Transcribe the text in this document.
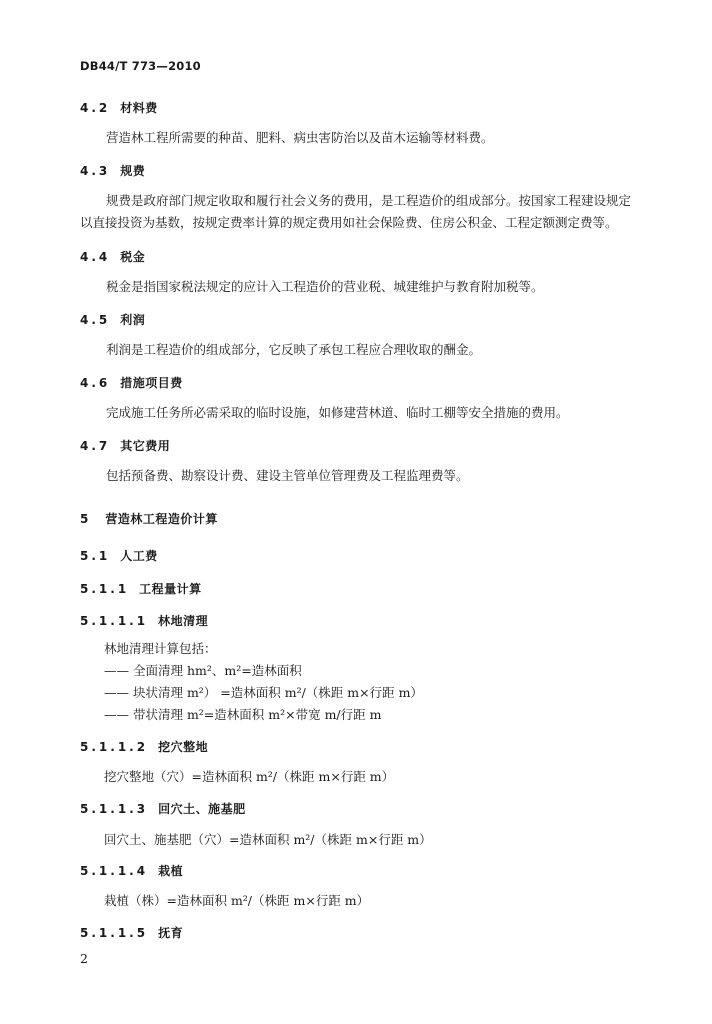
DB44/T 773—2010
4.2 材料费
营造林工程所需要的种苗、肥料、病虫害防治以及苗木运输等材料费。
4.3 规费
规费是政府部门规定收取和履行社会义务的费用，是工程造价的组成部分。按国家工程建设规定
以直接投资为基数，按规定费率计算的规定费用如社会保险费、住房公积金、工程定额测定费等。
4.4 税金
税金是指国家税法规定的应计入工程造价的营业税、城建维护与教育附加税等。
4.5 利润
利润是工程造价的组成部分，它反映了承包工程应合理收取的酬金。
4.6 措施项目费
完成施工任务所必需采取的临时设施，如修建营林道、临时工棚等安全措施的费用。
4.7 其它费用
包括预备费、勘察设计费、建设主管单位管理费及工程监理费等。
5 营造林工程造价计算
5.1 人工费
5.1.1 工程量计算
5.1.1.1 林地清理
林地清理计算包括：
—— 全面清理 hm²、m²=造林面积
—— 块状清理 m²） =造林面积 m²/（株距 m×行距 m）
—— 带状清理 m²=造林面积 m²×带宽 m/行距 m
5.1.1.2 挖穴整地
挖穴整地（穴）=造林面积 m²/（株距 m×行距 m）
5.1.1.3 回穴土、施基肥
回穴土、施基肥（穴）=造林面积 m²/（株距 m×行距 m）
5.1.1.4 栽植
栽植（株）=造林面积 m²/（株距 m×行距 m）
5.1.1.5 抚育
2
